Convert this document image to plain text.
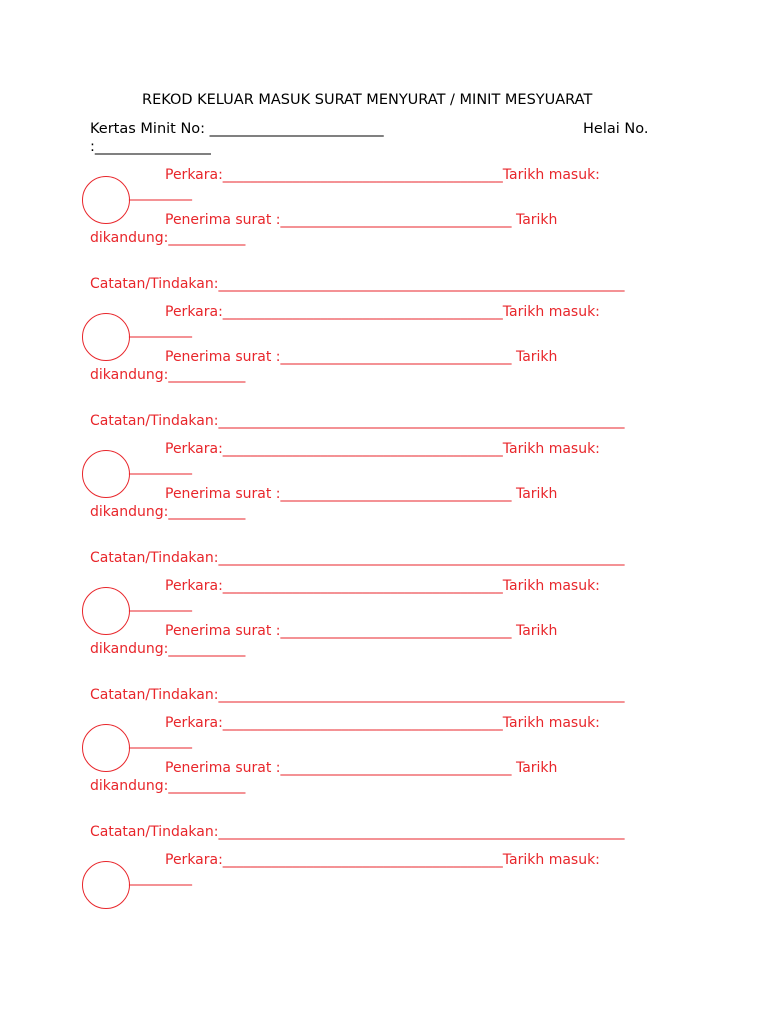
REKOD KELUAR MASUK SURAT MENYURAT / MINIT MESYUARAT
Kertas Minit No: ________________________	Helai No.
:________________
Perkara:________________________________________Tarikh masuk:
_________
Penerima surat :_________________________________ Tarikh
dikandung:___________
Catatan/Tindakan:__________________________________________________________
Perkara:________________________________________Tarikh masuk:
_________
Penerima surat :_________________________________ Tarikh
dikandung:___________
Catatan/Tindakan:__________________________________________________________
Perkara:________________________________________Tarikh masuk:
_________
Penerima surat :_________________________________ Tarikh
dikandung:___________
Catatan/Tindakan:__________________________________________________________
Perkara:________________________________________Tarikh masuk:
_________
Penerima surat :_________________________________ Tarikh
dikandung:___________
Catatan/Tindakan:__________________________________________________________
Perkara:________________________________________Tarikh masuk:
_________
Penerima surat :_________________________________ Tarikh
dikandung:___________
Catatan/Tindakan:__________________________________________________________
Perkara:________________________________________Tarikh masuk:
_________
